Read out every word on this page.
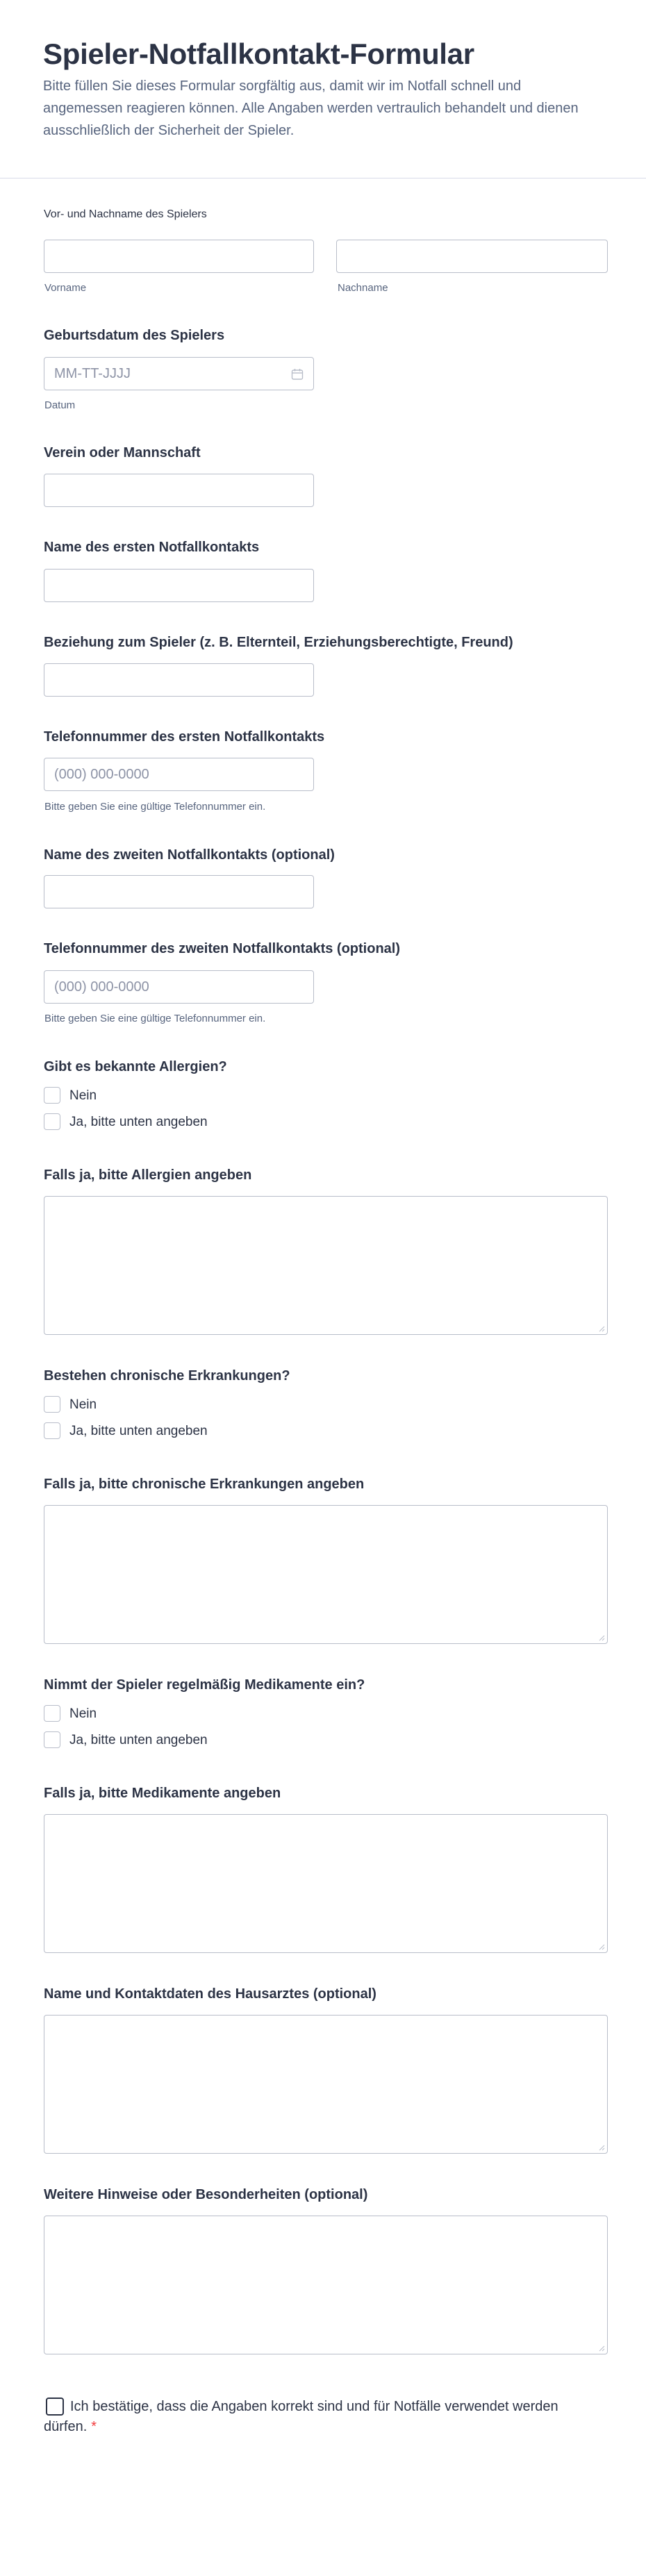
Spieler-Notfallkontakt-Formular

Bitte füllen Sie dieses Formular sorgfältig aus, damit wir im Notfall schnell und angemessen reagieren können. Alle Angaben werden vertraulich behandelt und dienen ausschließlich der Sicherheit der Spieler.

Vor- und Nachname des Spielers
Vorname	Nachname
Geburtsdatum des Spielers
MM-TT-JJJJ
Datum
Verein oder Mannschaft
Name des ersten Notfallkontakts
Beziehung zum Spieler (z. B. Elternteil, Erziehungsberechtigte, Freund)
Telefonnummer des ersten Notfallkontakts
(000) 000-0000
Bitte geben Sie eine gültige Telefonnummer ein.
Name des zweiten Notfallkontakts (optional)
Telefonnummer des zweiten Notfallkontakts (optional)
(000) 000-0000
Bitte geben Sie eine gültige Telefonnummer ein.
Gibt es bekannte Allergien?
Nein
Ja, bitte unten angeben
Falls ja, bitte Allergien angeben
Bestehen chronische Erkrankungen?
Nein
Ja, bitte unten angeben
Falls ja, bitte chronische Erkrankungen angeben
Nimmt der Spieler regelmäßig Medikamente ein?
Nein
Ja, bitte unten angeben
Falls ja, bitte Medikamente angeben
Name und Kontaktdaten des Hausarztes (optional)
Weitere Hinweise oder Besonderheiten (optional)
Ich bestätige, dass die Angaben korrekt sind und für Notfälle verwendet werden dürfen. *
